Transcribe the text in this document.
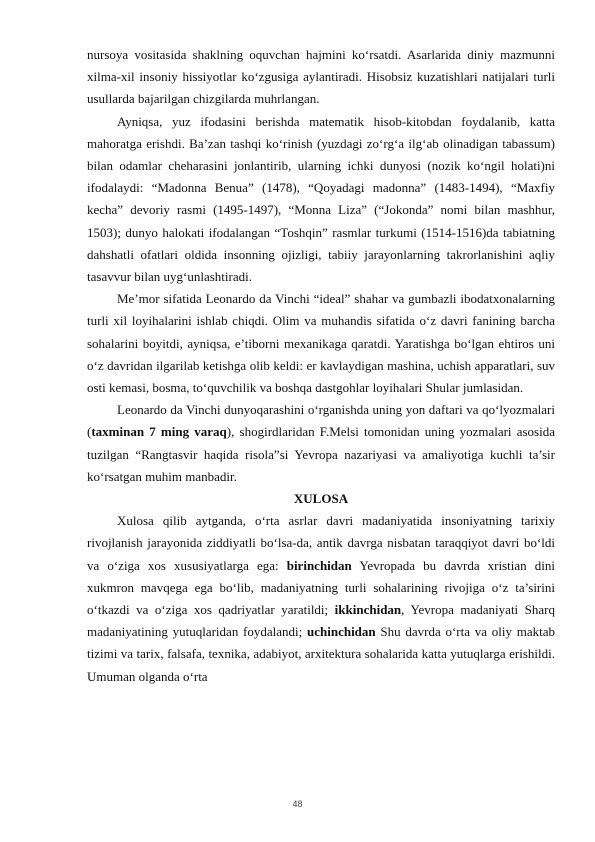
nursoya vositasida shaklning oquvchan hajmini ko‘rsatdi. Asarlarida diniy mazmunni xilma-xil insoniy hissiyotlar ko‘zgusiga aylantiradi. Hisobsiz kuzatishlari natijalari turli usullarda bajarilgan chizgilarda muhrlangan.

Ayniqsa, yuz ifodasini berishda matematik hisob-kitobdan foydalanib, katta mahoratga erishdi. Ba’zan tashqi ko‘rinish (yuzdagi zo‘rg‘a ilg‘ab olinadigan tabassum) bilan odamlar cheharasini jonlantirib, ularning ichki dunyosi (nozik ko‘ngil holati)ni ifodalaydi: “Madonna Benua” (1478), “Qoyadagi madonna” (1483-1494), “Maxfiy kecha” devoriy rasmi (1495-1497), “Monna Liza” (“Jokonda” nomi bilan mashhur, 1503); dunyo halokati ifodalangan “Toshqin” rasmlar turkumi (1514-1516)da tabiatning dahshatli ofatlari oldida insonning ojizligi, tabiiy jarayonlarning takrorlanishini aqliy tasavvur bilan uyg‘unlashtiradi.

Me’mor sifatida Leonardo da Vinchi “ideal” shahar va gumbazli ibodatxonalarning turli xil loyihalarini ishlab chiqdi. Olim va muhandis sifatida o‘z davri fanining barcha sohalarini boyitdi, ayniqsa, e’tiborni mexanikaga qaratdi. Yaratishga bo‘lgan ehtiros uni o‘z davridan ilgarilab ketishga olib keldi: er kavlaydigan mashina, uchish apparatlari, suv osti kemasi, bosma, to‘quvchilik va boshqa dastgohlar loyihalari Shular jumlasidan.

Leonardo da Vinchi dunyoqarashini o‘rganishda uning yon daftari va qo‘lyozmalari (taxminan 7 ming varaq), shogirdlaridan F.Melsi tomonidan uning yozmalari asosida tuzilgan “Rangtasvir haqida risola”si Yevropa nazariyasi va amaliyotiga kuchli ta’sir ko‘rsatgan muhim manbadir.

XULOSA

Xulosa qilib aytganda, o‘rta asrlar davri madaniyatida insoniyatning tarixiy rivojlanish jarayonida ziddiyatli bo‘lsa-da, antik davrga nisbatan taraqqiyot davri bo‘ldi va o‘ziga xos xususiyatlarga ega: birinchidan Yevropada bu davrda xristian dini xukmron mavqega ega bo‘lib, madaniyatning turli sohalarining rivojiga o‘z ta’sirini o‘tkazdi va o‘ziga xos qadriyatlar yaratildi; ikkinchidan, Yevropa madaniyati Sharq madaniyatining yutuqlaridan foydalandi; uchinchidan Shu davrda o‘rta va oliy maktab tizimi va tarix, falsafa, texnika, adabiyot, arxitektura sohalarida katta yutuqlarga erishildi. Umuman olganda o‘rta

48
